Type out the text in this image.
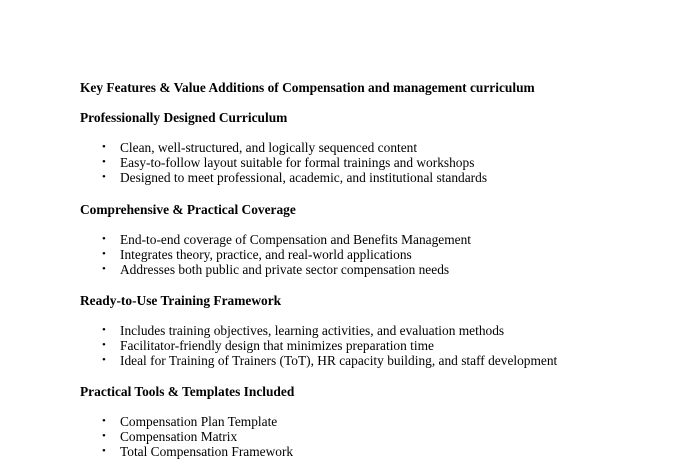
Key Features & Value Additions of Compensation and management curriculum
Professionally Designed Curriculum
• Clean, well-structured, and logically sequenced content
• Easy-to-follow layout suitable for formal trainings and workshops
• Designed to meet professional, academic, and institutional standards
Comprehensive & Practical Coverage
• End-to-end coverage of Compensation and Benefits Management
• Integrates theory, practice, and real-world applications
• Addresses both public and private sector compensation needs
Ready-to-Use Training Framework
• Includes training objectives, learning activities, and evaluation methods
• Facilitator-friendly design that minimizes preparation time
• Ideal for Training of Trainers (ToT), HR capacity building, and staff development
Practical Tools & Templates Included
• Compensation Plan Template
• Compensation Matrix
• Total Compensation Framework
